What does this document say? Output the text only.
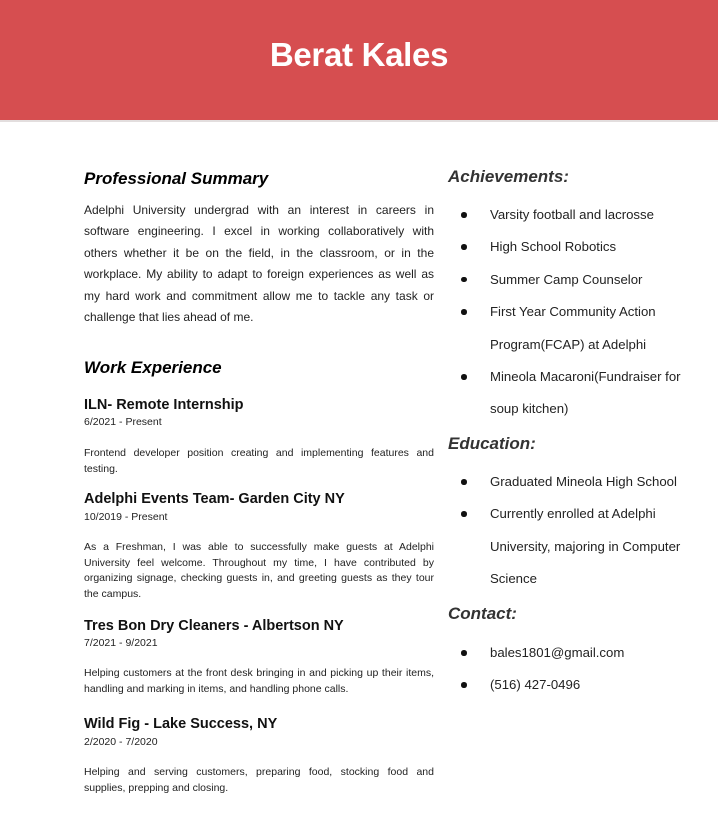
Berat Kales
Professional Summary

Adelphi University undergrad with an interest in careers in software engineering. I excel in working collaboratively with others whether it be on the field, in the classroom, or in the workplace. My ability to adapt to foreign experiences as well as my hard work and commitment allow me to tackle any task or challenge that lies ahead of me.

Work Experience
ILN- Remote Internship
6/2021 - Present

Frontend developer position creating and implementing features and testing.

Adelphi Events Team- Garden City NY
10/2019 - Present

As a Freshman, I was able to successfully make guests at Adelphi University feel welcome. Throughout my time, I have contributed by organizing signage, checking guests in, and greeting guests as they tour the campus.

Tres Bon Dry Cleaners - Albertson NY
7/2021 - 9/2021

Helping customers at the front desk bringing in and picking up their items, handling and marking in items, and handling phone calls.

Wild Fig - Lake Success, NY
2/2020 - 7/2020

Helping and serving customers, preparing food, stocking food and supplies, prepping and closing.

Achievements:
Varsity football and lacrosse
High School Robotics
Summer Camp Counselor
First Year Community Action Program(FCAP) at Adelphi
Mineola Macaroni(Fundraiser for soup kitchen)
Education:
Graduated Mineola High School
Currently enrolled at Adelphi University, majoring in Computer Science
Contact:
bales1801@gmail.com
(516) 427-0496
